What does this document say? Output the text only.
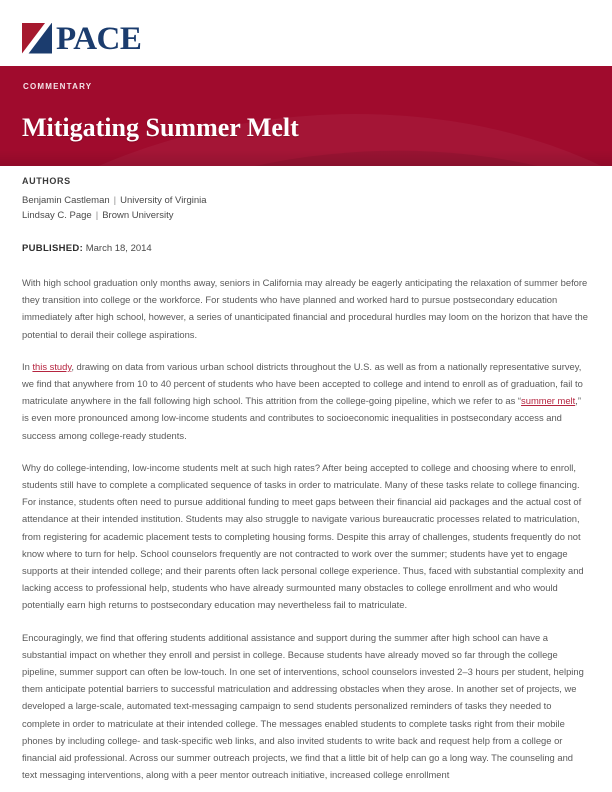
PACE
COMMENTARY
Mitigating Summer Melt
AUTHORS

Benjamin Castleman | University of Virginia

Lindsay C. Page | Brown University

PUBLISHED: March 18, 2014

With high school graduation only months away, seniors in California may already be eagerly anticipating the relaxation of summer before they transition into college or the workforce. For students who have planned and worked hard to pursue postsecondary education immediately after high school, however, a series of unanticipated financial and procedural hurdles may loom on the horizon that have the potential to derail their college aspirations.

In this study, drawing on data from various urban school districts throughout the U.S. as well as from a nationally representative survey, we find that anywhere from 10 to 40 percent of students who have been accepted to college and intend to enroll as of graduation, fail to matriculate anywhere in the fall following high school. This attrition from the college-going pipeline, which we refer to as “summer melt,” is even more pronounced among low-income students and contributes to socioeconomic inequalities in postsecondary access and success among college-ready students.

Why do college-intending, low-income students melt at such high rates? After being accepted to college and choosing where to enroll, students still have to complete a complicated sequence of tasks in order to matriculate. Many of these tasks relate to college financing. For instance, students often need to pursue additional funding to meet gaps between their financial aid packages and the actual cost of attendance at their intended institution. Students may also struggle to navigate various bureaucratic processes related to matriculation, from registering for academic placement tests to completing housing forms. Despite this array of challenges, students frequently do not know where to turn for help. School counselors frequently are not contracted to work over the summer; students have yet to engage supports at their intended college; and their parents often lack personal college experience. Thus, faced with substantial complexity and lacking access to professional help, students who have already surmounted many obstacles to college enrollment and who would potentially earn high returns to postsecondary education may nevertheless fail to matriculate.

Encouragingly, we find that offering students additional assistance and support during the summer after high school can have a substantial impact on whether they enroll and persist in college. Because students have already moved so far through the college pipeline, summer support can often be low-touch. In one set of interventions, school counselors invested 2–3 hours per student, helping them anticipate potential barriers to successful matriculation and addressing obstacles when they arose. In another set of projects, we developed a large-scale, automated text-messaging campaign to send students personalized reminders of tasks they needed to complete in order to matriculate at their intended college. The messages enabled students to complete tasks right from their mobile phones by including college- and task-specific web links, and also invited students to write back and request help from a college or financial aid professional. Across our summer outreach projects, we find that a little bit of help can go a long way. The counseling and text messaging interventions, along with a peer mentor outreach initiative, increased college enrollment
